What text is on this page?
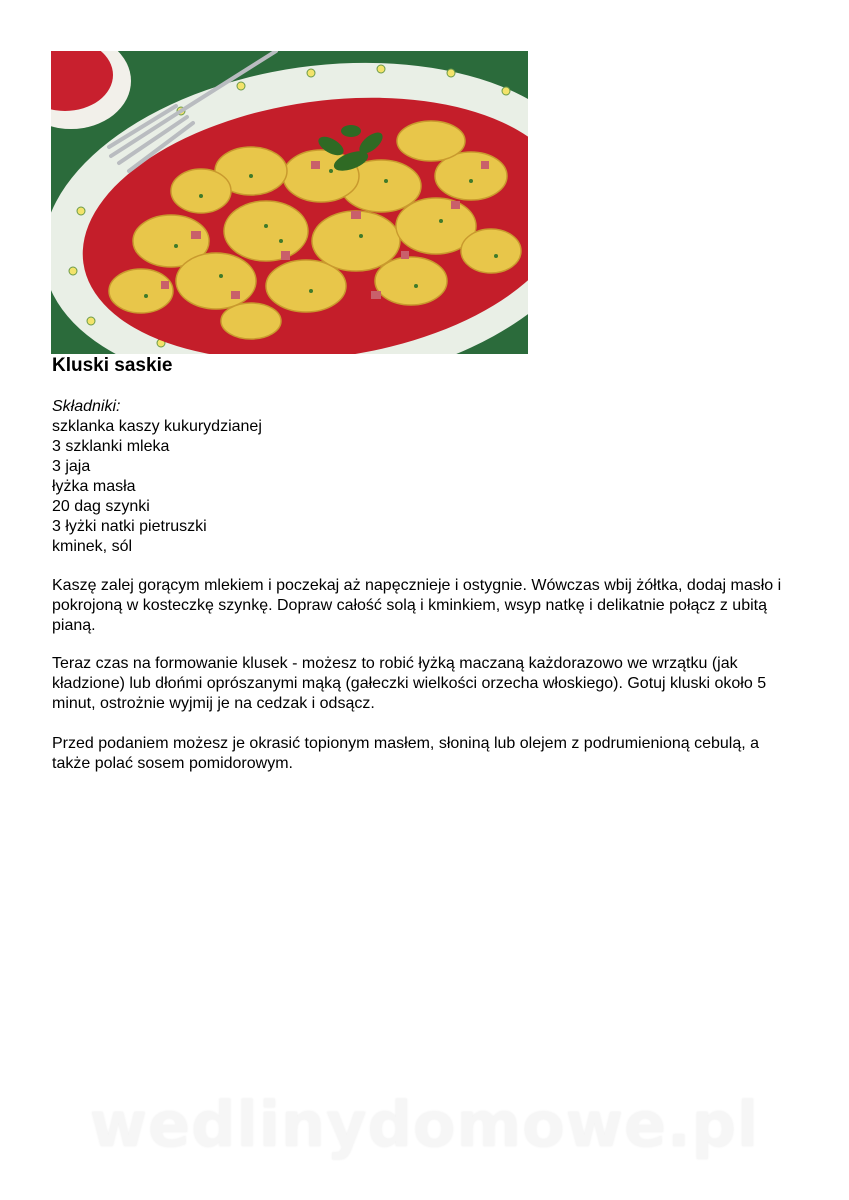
Kluski saskie
Składniki:
szklanka kaszy kukurydzianej
3 szklanki mleka
3 jaja
łyżka masła
20 dag szynki
3 łyżki natki pietruszki
kminek, sól

Kaszę zalej gorącym mlekiem i poczekaj aż napęcznieje i ostygnie. Wówczas wbij żółtka, dodaj masło i pokrojoną w kosteczkę szynkę. Dopraw całość solą i kminkiem, wsyp natkę i delikatnie połącz z ubitą pianą.

Teraz czas na formowanie klusek - możesz to robić łyżką maczaną każdorazowo we wrzątku (jak kładzione) lub dłońmi oprószanymi mąką (gałeczki wielkości orzecha włoskiego). Gotuj kluski około 5 minut, ostrożnie wyjmij je na cedzak i odsącz.

Przed podaniem możesz je okrasić topionym masłem, słoniną lub olejem z podrumienioną cebulą, a także polać sosem pomidorowym.

wedlinydomowe.pl
